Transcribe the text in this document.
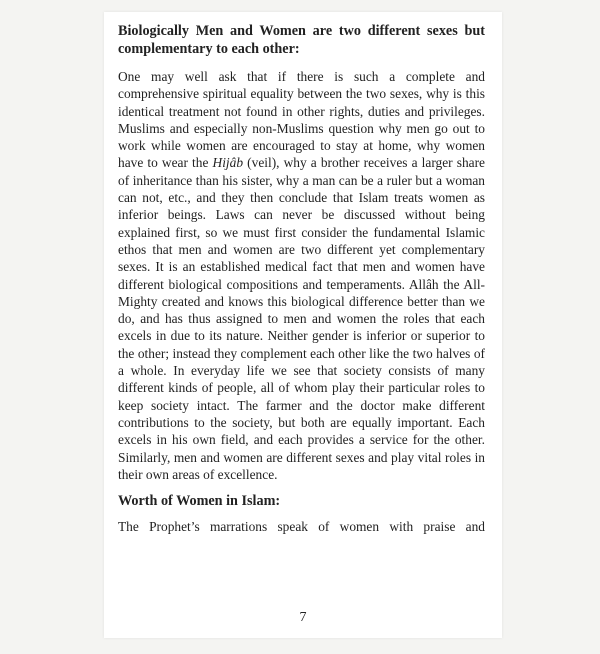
Biologically Men and Women are two different sexes but complementary to each other:

One may well ask that if there is such a complete and comprehensive spiritual equality between the two sexes, why is this identical treatment not found in other rights, duties and privileges. Muslims and especially non-Muslims question why men go out to work while women are encouraged to stay at home, why women have to wear the Hijâb (veil), why a brother receives a larger share of inheritance than his sister, why a man can be a ruler but a woman can not, etc., and they then conclude that Islam treats women as inferior beings. Laws can never be discussed without being explained first, so we must first consider the fundamental Islamic ethos that men and women are two different yet complementary sexes. It is an established medical fact that men and women have different biological compositions and temperaments. Allâh the All-Mighty created and knows this biological difference better than we do, and has thus assigned to men and women the roles that each excels in due to its nature. Neither gender is inferior or superior to the other; instead they complement each other like the two halves of a whole. In everyday life we see that society consists of many different kinds of people, all of whom play their particular roles to keep society intact. The farmer and the doctor make different contributions to the society, but both are equally important. Each excels in his own field, and each provides a service for the other. Similarly, men and women are different sexes and play vital roles in their own areas of excellence.

Worth of Women in Islam:

The Prophet’s marrations speak of women with praise and

7
